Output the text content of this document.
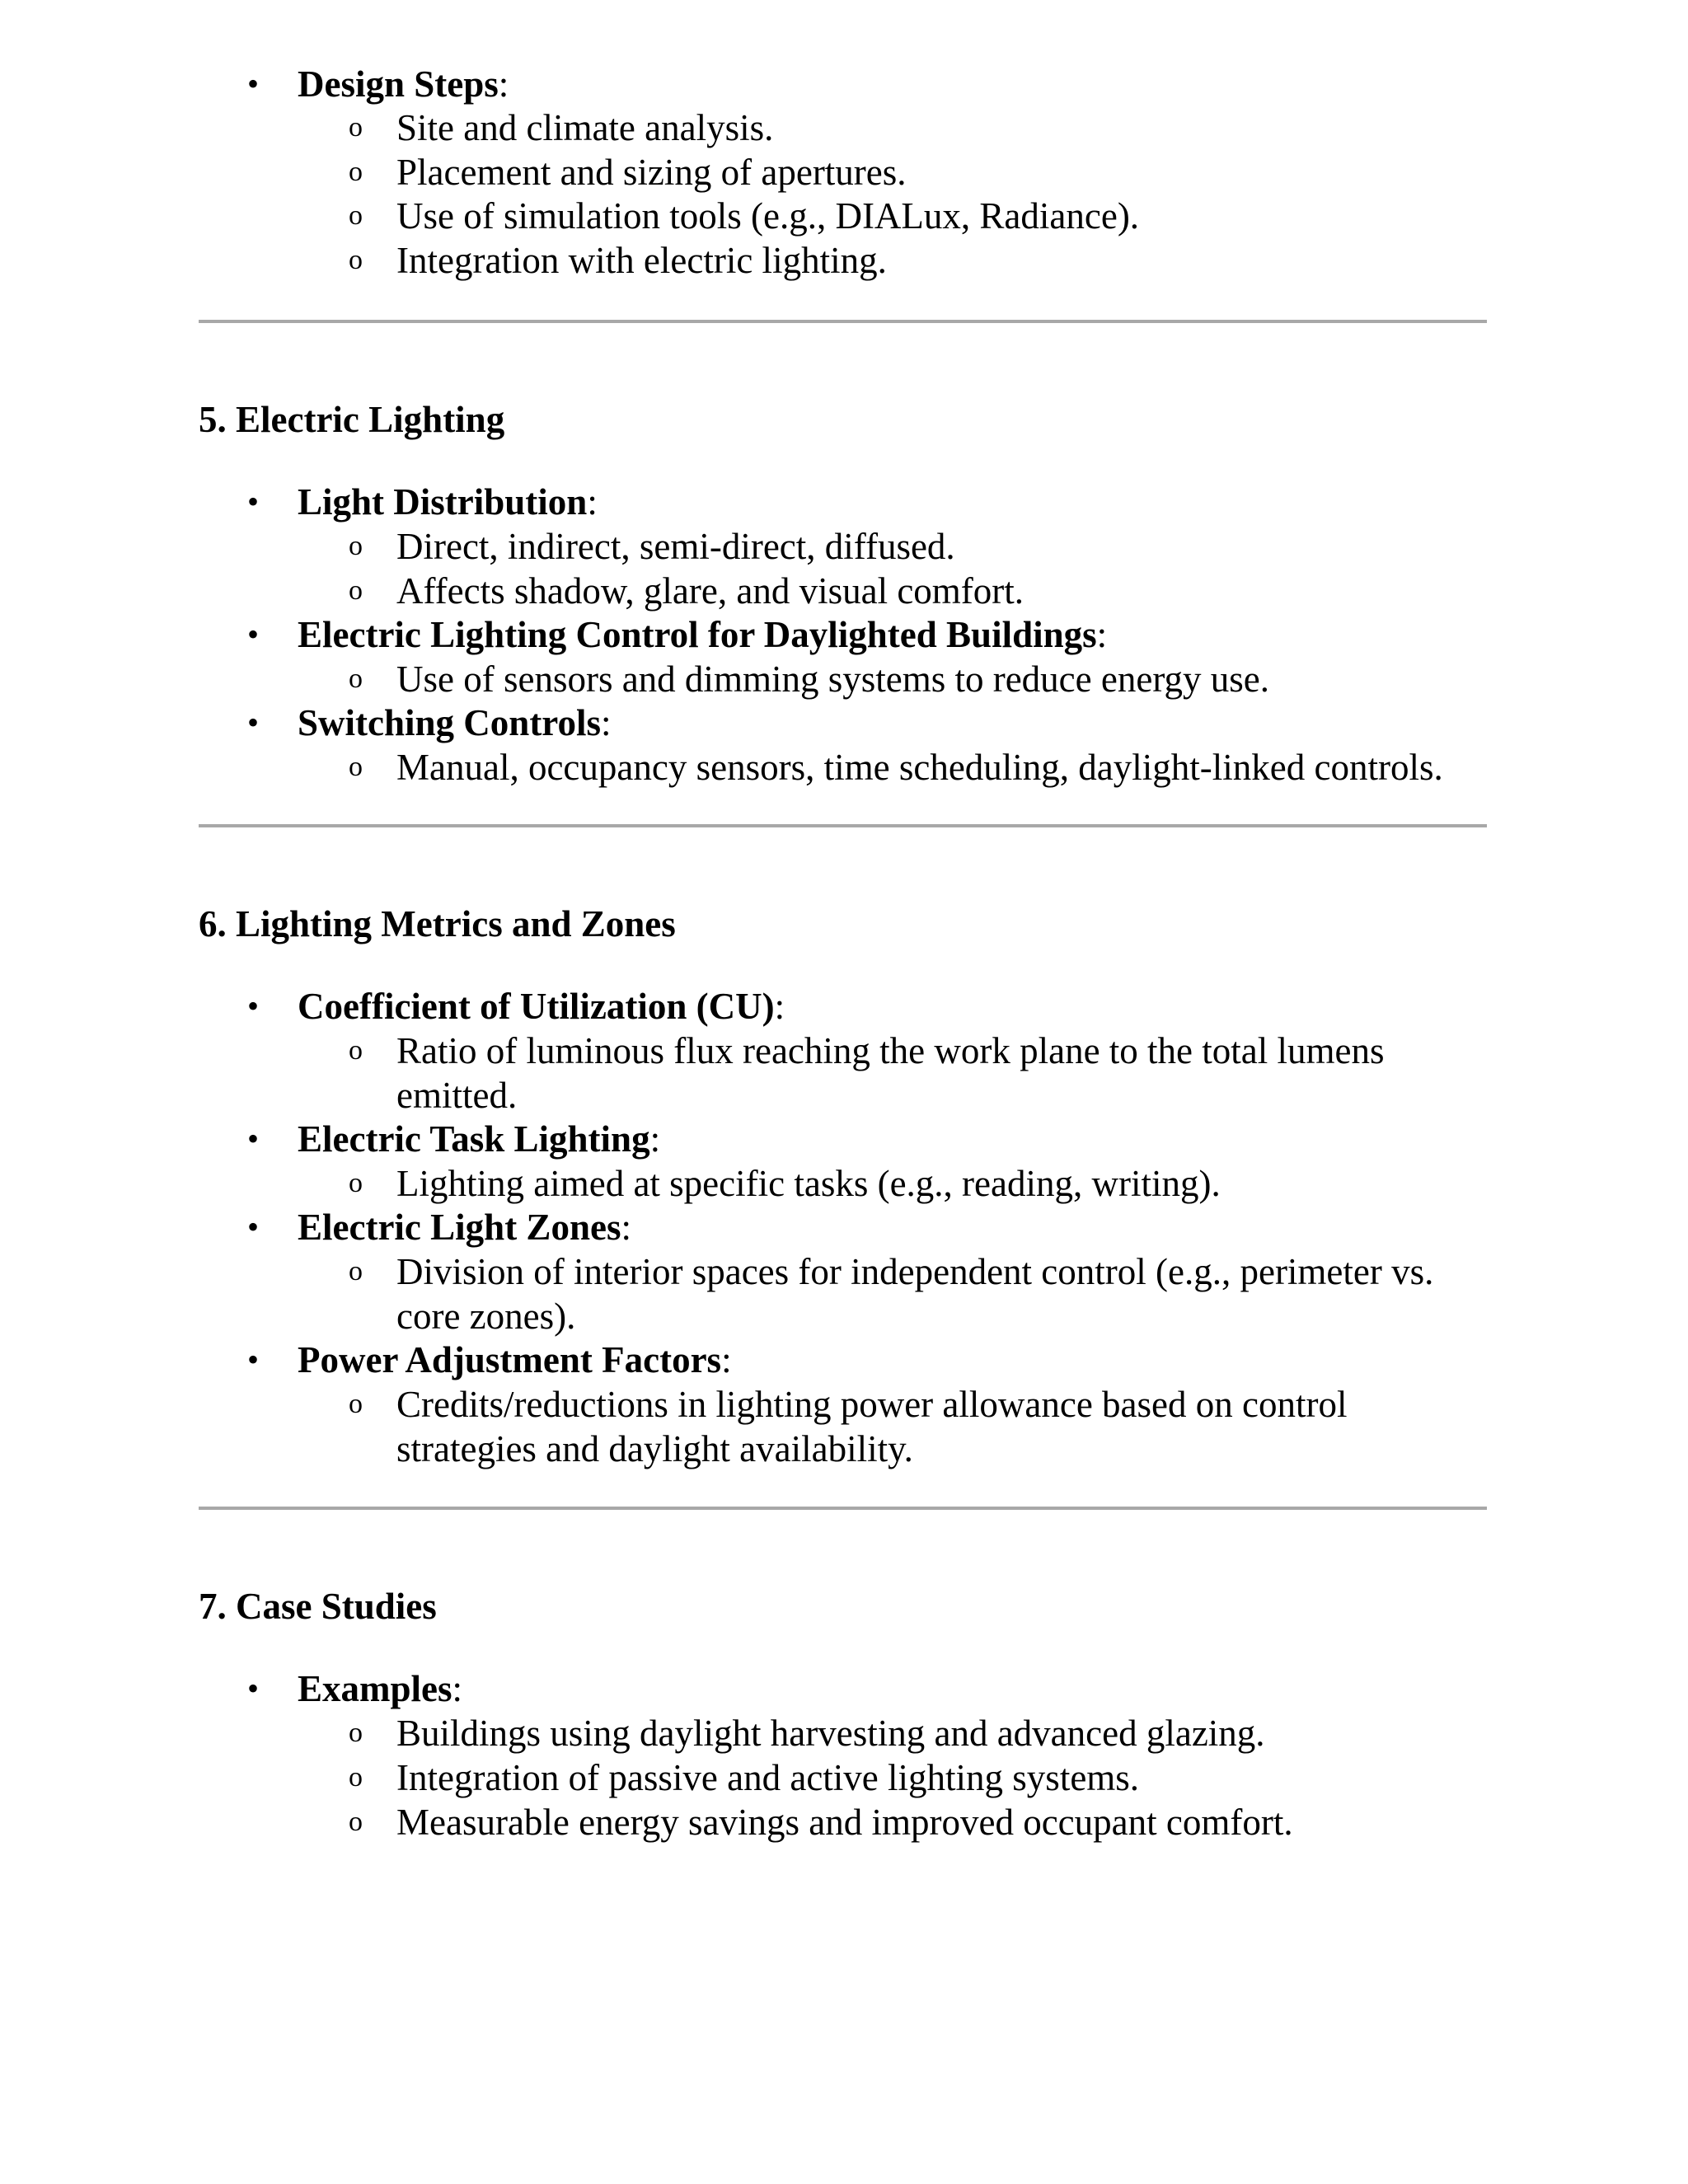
• Design Steps:
o Site and climate analysis.
o Placement and sizing of apertures.
o Use of simulation tools (e.g., DIALux, Radiance).
o Integration with electric lighting.
5. Electric Lighting
• Light Distribution:
o Direct, indirect, semi-direct, diffused.
o Affects shadow, glare, and visual comfort.
• Electric Lighting Control for Daylighted Buildings:
o Use of sensors and dimming systems to reduce energy use.
• Switching Controls:
o Manual, occupancy sensors, time scheduling, daylight-linked controls.
6. Lighting Metrics and Zones
• Coefficient of Utilization (CU):
o Ratio of luminous flux reaching the work plane to the total lumens
emitted.
• Electric Task Lighting:
o Lighting aimed at specific tasks (e.g., reading, writing).
• Electric Light Zones:
o Division of interior spaces for independent control (e.g., perimeter vs.
core zones).
• Power Adjustment Factors:
o Credits/reductions in lighting power allowance based on control
strategies and daylight availability.
7. Case Studies
• Examples:
o Buildings using daylight harvesting and advanced glazing.
o Integration of passive and active lighting systems.
o Measurable energy savings and improved occupant comfort.
